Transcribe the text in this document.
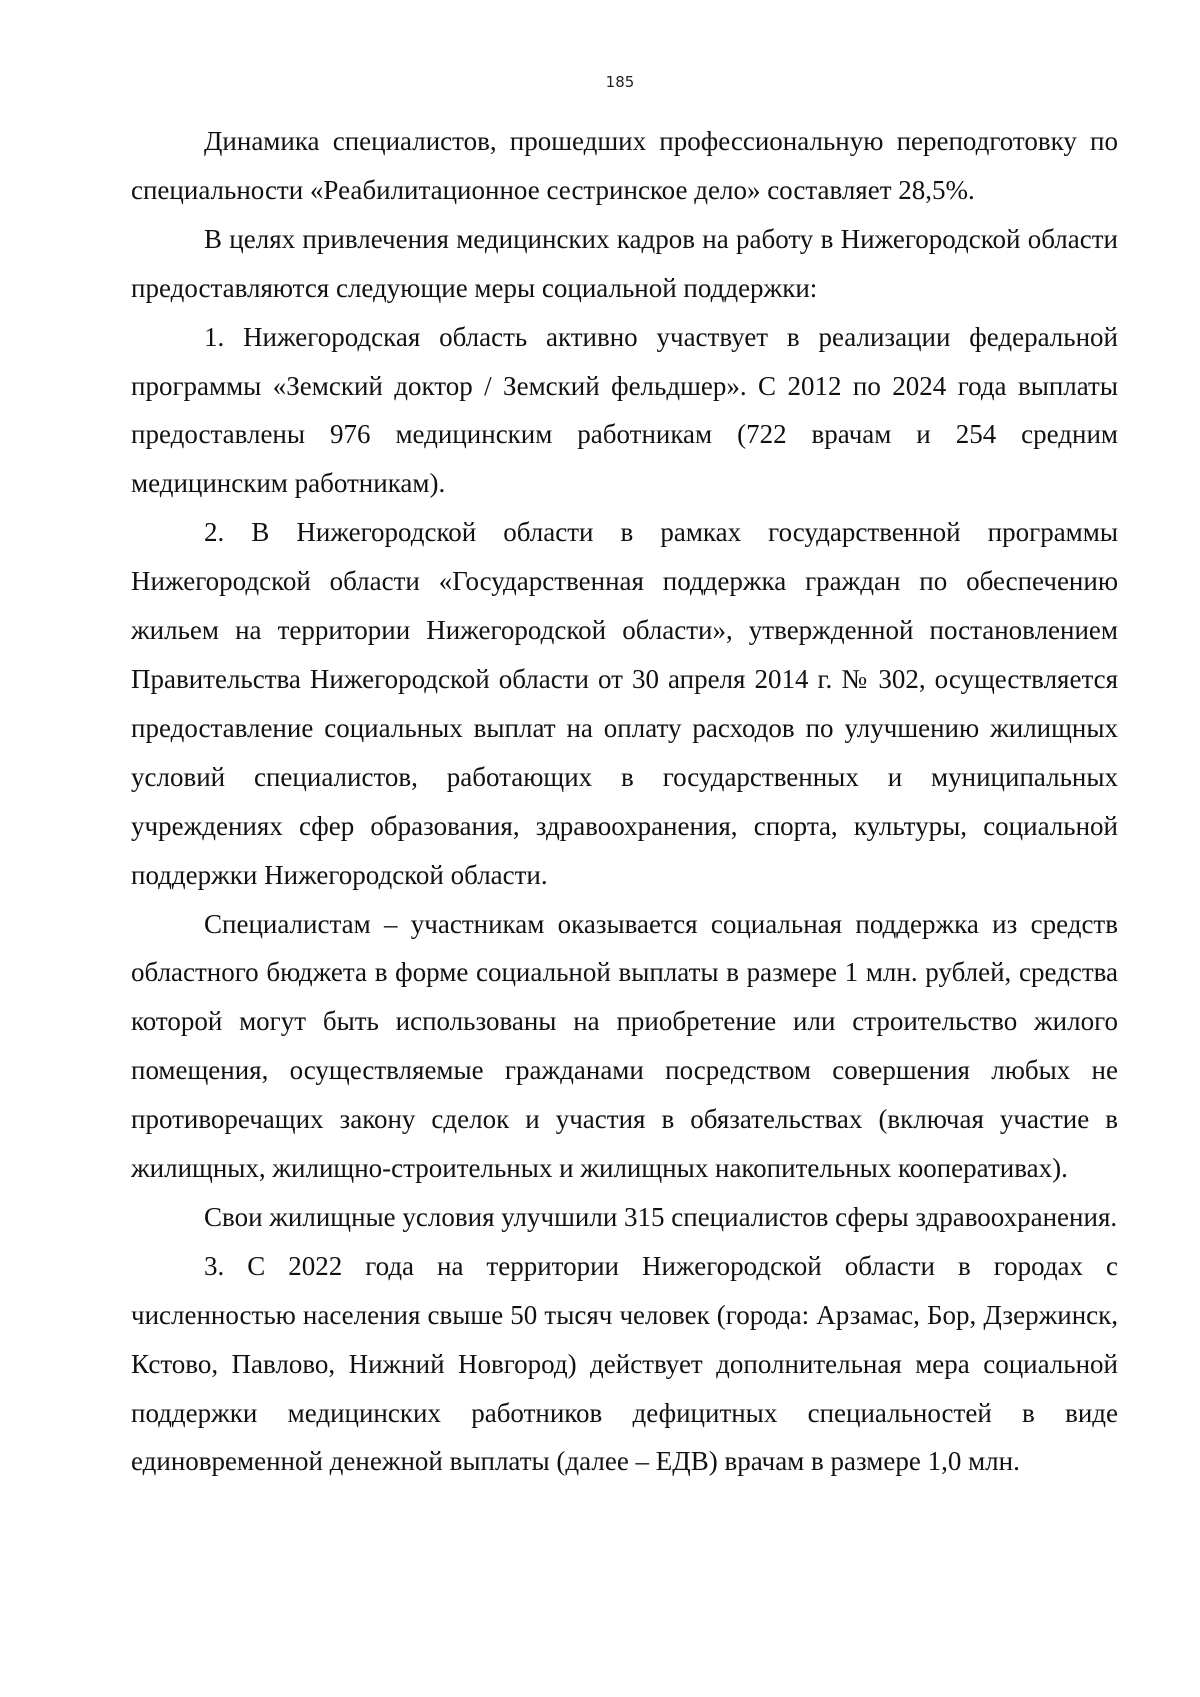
185

Динамика специалистов, прошедших профессиональную переподготовку по специальности «Реабилитационное сестринское дело» составляет 28,5%.

В целях привлечения медицинских кадров на работу в Нижегородской области предоставляются следующие меры социальной поддержки:

1. Нижегородская область активно участвует в реализации федеральной программы «Земский доктор / Земский фельдшер». С 2012 по 2024 года выплаты предоставлены 976 медицинским работникам (722 врачам и 254 средним медицинским работникам).

2. В Нижегородской области в рамках государственной программы Нижегородской области «Государственная поддержка граждан по обеспечению жильем на территории Нижегородской области», утвержденной постановлением Правительства Нижегородской области от 30 апреля 2014 г. № 302, осуществляется предоставление социальных выплат на оплату расходов по улучшению жилищных условий специалистов, работающих в государственных и муниципальных учреждениях сфер образования, здравоохранения, спорта, культуры, социальной поддержки Нижегородской области.

Специалистам – участникам оказывается социальная поддержка из средств областного бюджета в форме социальной выплаты в размере 1 млн. рублей, средства которой могут быть использованы на приобретение или строительство жилого помещения, осуществляемые гражданами посредством совершения любых не противоречащих закону сделок и участия в обязательствах (включая участие в жилищных, жилищно-строительных и жилищных накопительных кооперативах).

Свои жилищные условия улучшили 315 специалистов сферы здравоохранения.

3. С 2022 года на территории Нижегородской области в городах с численностью населения свыше 50 тысяч человек (города: Арзамас, Бор, Дзержинск, Кстово, Павлово, Нижний Новгород) действует дополнительная мера социальной поддержки медицинских работников дефицитных специальностей в виде единовременной денежной выплаты (далее – ЕДВ) врачам в размере 1,0 млн.
